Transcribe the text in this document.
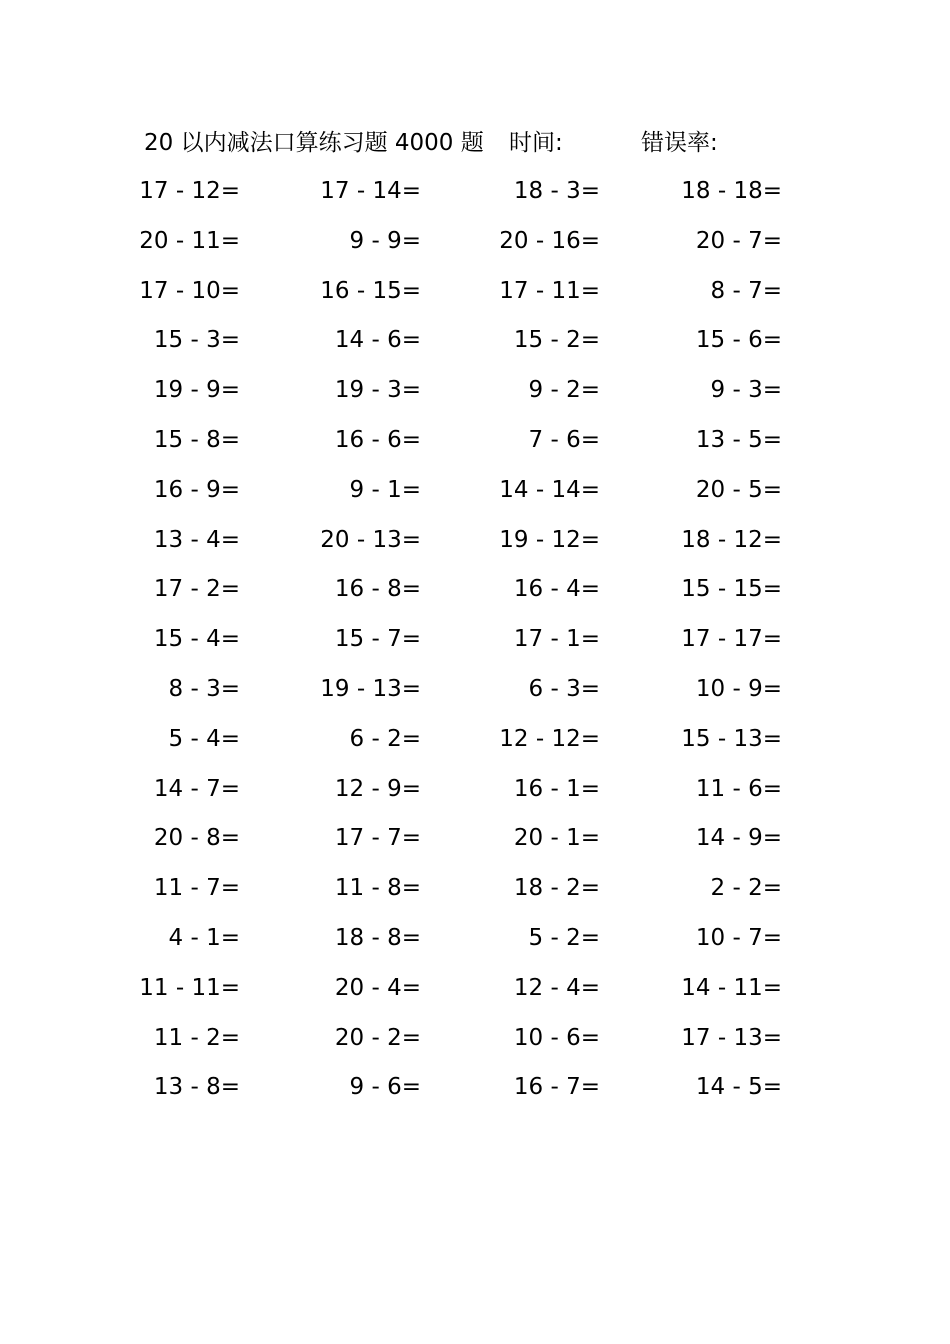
20 以内减法口算练习题 4000 题 时间:	错误率:
17 - 12=	17 - 14=	18 - 3=	18 - 18=
20 - 11=	9 - 9=	20 - 16=	20 - 7=
17 - 10=	16 - 15=	17 - 11=	8 - 7=
15 - 3=	14 - 6=	15 - 2=	15 - 6=
19 - 9=	19 - 3=	9 - 2=	9 - 3=
15 - 8=	16 - 6=	7 - 6=	13 - 5=
16 - 9=	9 - 1=	14 - 14=	20 - 5=
13 - 4=	20 - 13=	19 - 12=	18 - 12=
17 - 2=	16 - 8=	16 - 4=	15 - 15=
15 - 4=	15 - 7=	17 - 1=	17 - 17=
8 - 3=	19 - 13=	6 - 3=	10 - 9=
5 - 4=	6 - 2=	12 - 12=	15 - 13=
14 - 7=	12 - 9=	16 - 1=	11 - 6=
20 - 8=	17 - 7=	20 - 1=	14 - 9=
11 - 7=	11 - 8=	18 - 2=	2 - 2=
4 - 1=	18 - 8=	5 - 2=	10 - 7=
11 - 11=	20 - 4=	12 - 4=	14 - 11=
11 - 2=	20 - 2=	10 - 6=	17 - 13=
13 - 8=	9 - 6=	16 - 7=	14 - 5=
